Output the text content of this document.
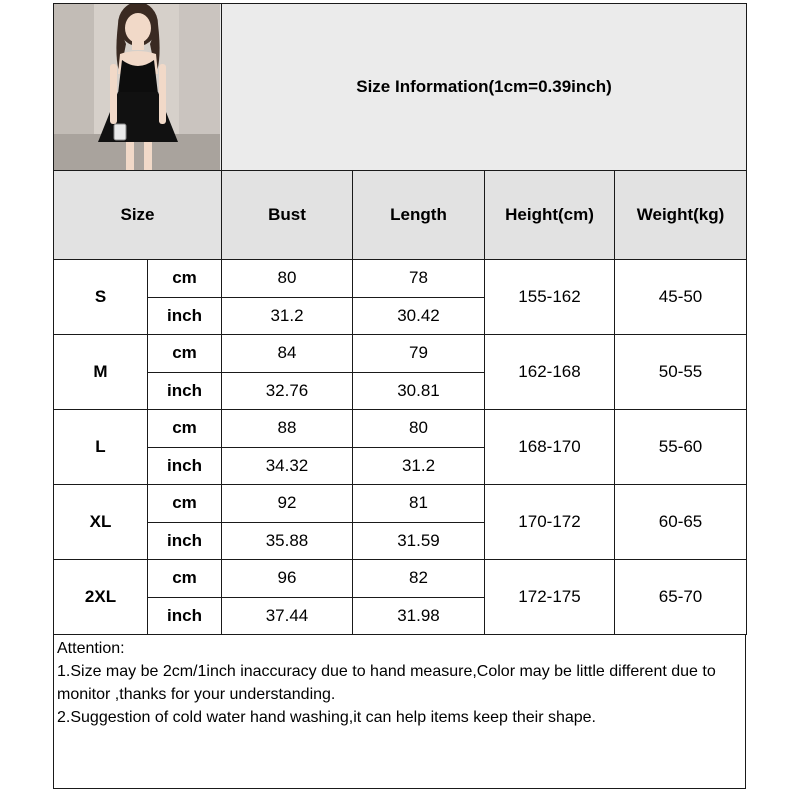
	Size Information(1cm=0.39inch)			
Size		Bust	Length	Height(cm)	Weight(kg)
S	cm	80	78	155-162	45-50
	inch	31.2	30.42		
M	cm	84	79	162-168	50-55
	inch	32.76	30.81		
L	cm	88	80	168-170	55-60
	inch	34.32	31.2		
XL	cm	92	81	170-172	60-65
	inch	35.88	31.59		
2XL	cm	96	82	172-175	65-70
	inch	37.44	31.98		
Attention:
1.Size may be 2cm/1inch inaccuracy due to hand measure,Color may be little different due to monitor ,thanks for your understanding.
2.Suggestion of cold water hand washing,it can help items keep their shape.
